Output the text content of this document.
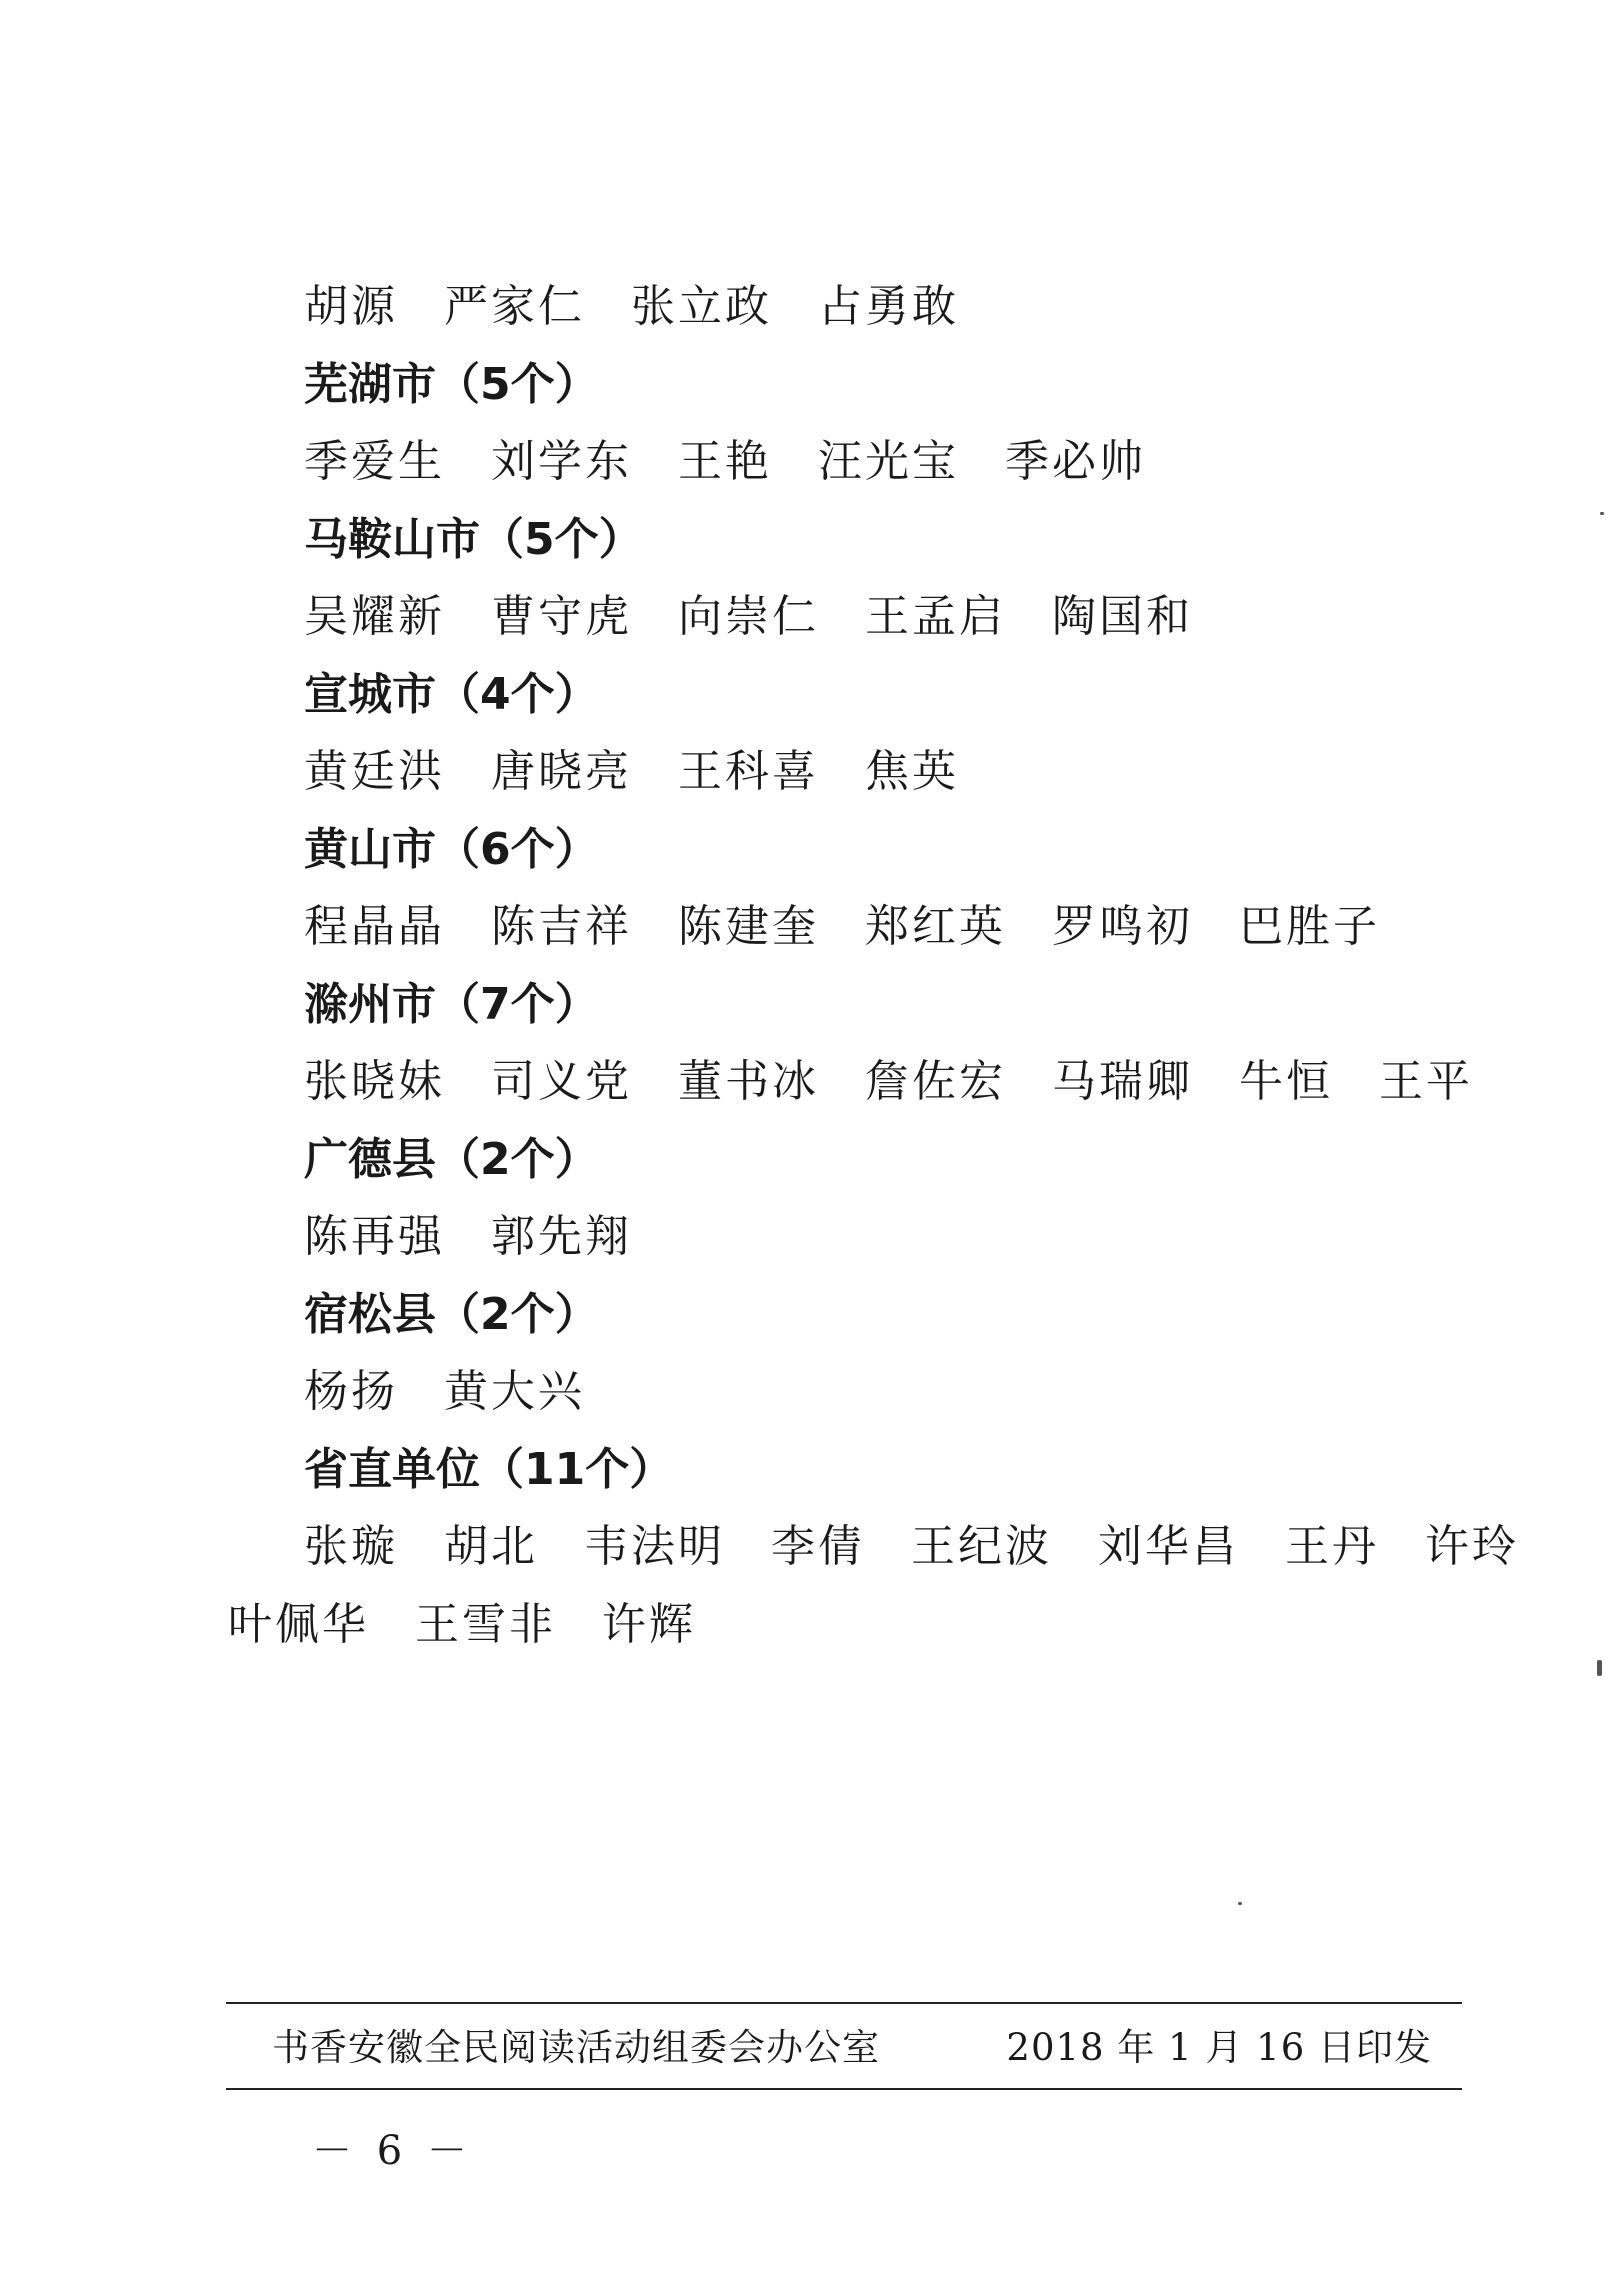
胡源 严家仁 张立政 占勇敢
芜湖市（5个）
季爱生 刘学东 王艳 汪光宝 季必帅
马鞍山市（5个）
吴耀新 曹守虎 向崇仁 王孟启 陶国和
宣城市（4个）
黄廷洪 唐晓亮 王科喜 焦英
黄山市（6个）
程晶晶 陈吉祥 陈建奎 郑红英 罗鸣初 巴胜子
滁州市（7个）
张晓妹 司义党 董书冰 詹佐宏 马瑞卿 牛恒 王平
广德县（2个）
陈再强 郭先翔
宿松县（2个）
杨扬 黄大兴
省直单位（11个）
张璇 胡北 韦法明 李倩 王纪波 刘华昌 王丹 许玲
叶佩华 王雪非 许辉
书香安徽全民阅读活动组委会办公室	2018 年 1 月 16 日印发
－ 6 －
